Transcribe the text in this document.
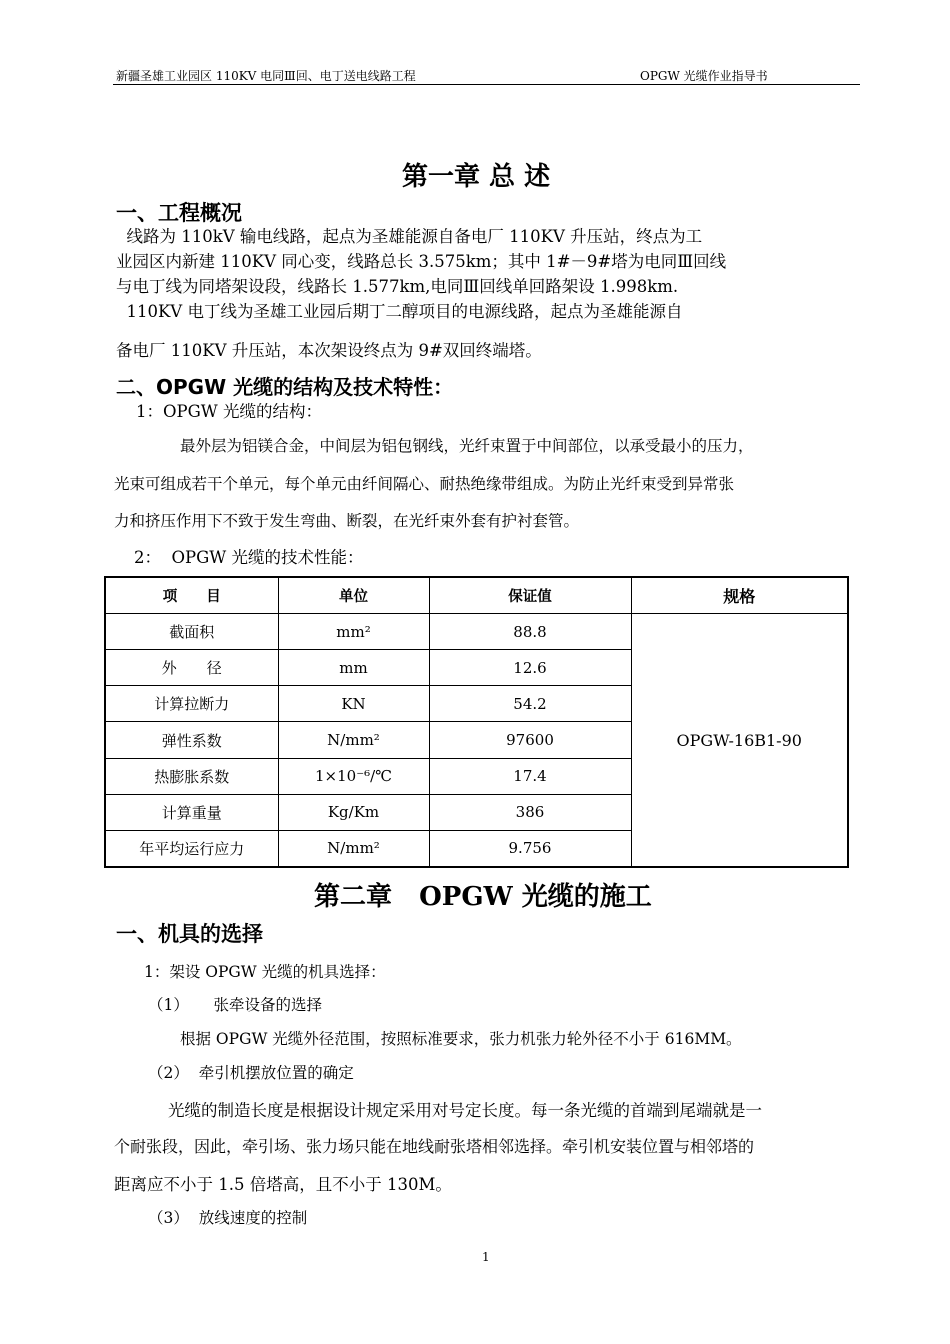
新疆圣雄工业园区 110KV 电同Ⅲ回、电丁送电线路工程	OPGW 光缆作业指导书
第一章 总 述
一、工程概况
线路为 110kV 输电线路，起点为圣雄能源自备电厂 110KV 升压站，终点为工
业园区内新建 110KV 同心变，线路总长 3.575km；其中 1#－9#塔为电同Ⅲ回线
与电丁线为同塔架设段，线路长 1.577km,电同Ⅲ回线单回路架设 1.998km.
110KV 电丁线为圣雄工业园后期丁二醇项目的电源线路，起点为圣雄能源自
备电厂 110KV 升压站，本次架设终点为 9#双回终端塔。
二、OPGW 光缆的结构及技术特性：
1：OPGW 光缆的结构：
最外层为铝镁合金，中间层为铝包钢线，光纤束置于中间部位，以承受最小的压力，
光束可组成若干个单元，每个单元由纤间隔心、耐热绝缘带组成。为防止光纤束受到异常张
力和挤压作用下不致于发生弯曲、断裂，在光纤束外套有护衬套管。
2：  OPGW 光缆的技术性能：
项　　目	单位	保证值	规格
截面积	mm²	88.8	OPGW-16B1-90
外　　径	mm	12.6	
计算拉断力	KN	54.2	
弹性系数	N/mm²	97600	
热膨胀系数	1×10⁻⁶/℃	17.4	
计算重量	Kg/Km	386	
年平均运行应力	N/mm²	9.756	
第二章   OPGW 光缆的施工
一、机具的选择
1：架设 OPGW 光缆的机具选择：
（1）     张牵设备的选择
根据 OPGW 光缆外径范围，按照标准要求，张力机张力轮外径不小于 616MM。
（2）  牵引机摆放位置的确定
光缆的制造长度是根据设计规定采用对号定长度。每一条光缆的首端到尾端就是一
个耐张段，因此，牵引场、张力场只能在地线耐张塔相邻选择。牵引机安装位置与相邻塔的
距离应不小于 1.5 倍塔高，且不小于 130M。
（3）  放线速度的控制
1
